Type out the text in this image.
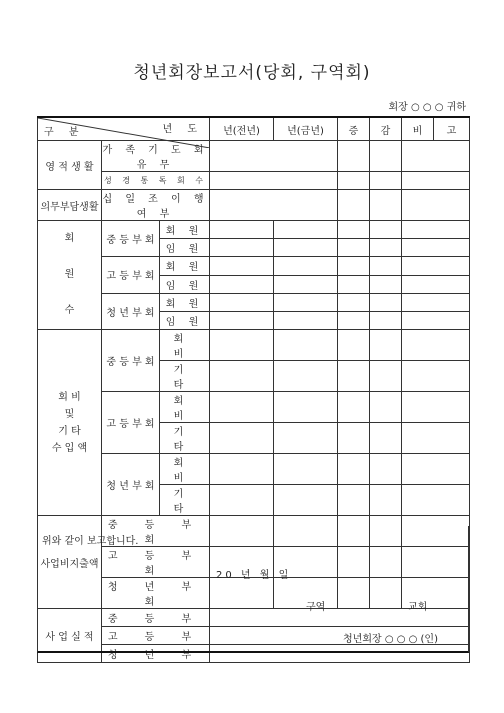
청년회장보고서(당회, 구역회)
회장 ○ ○ ○ 귀하
년 도
구 분			년(전년)	년(금년)	증	감	비	고
영 적 생 활	가 족 기 도 회 유 무							
	성 경 통 독 회 수							
의무부담생활	십 일 조 이 행 여 부							

회
원
수	중 등 부 회	회 원						
		임 원						
	고 등 부 회	회 원						
		임 원						
	청 년 부 회	회 원						
		임 원						

회 비
및
기 타
수 입 액	중 등 부 회	회 비						
		기 타						
	고 등 부 회	회 비						
		기 타						
	청 년 부 회	회 비						
		기 타						
사업비지출액	중 등 부 회							
	고 등 부 회							
	청 년 부 회							
사 업 실 적	중 등 부							
	고 등 부							
	청 년 부							
위와 같이 보고합니다.
20 년 월 일
구역	교회
청년회장 ○ ○ ○ (인)
